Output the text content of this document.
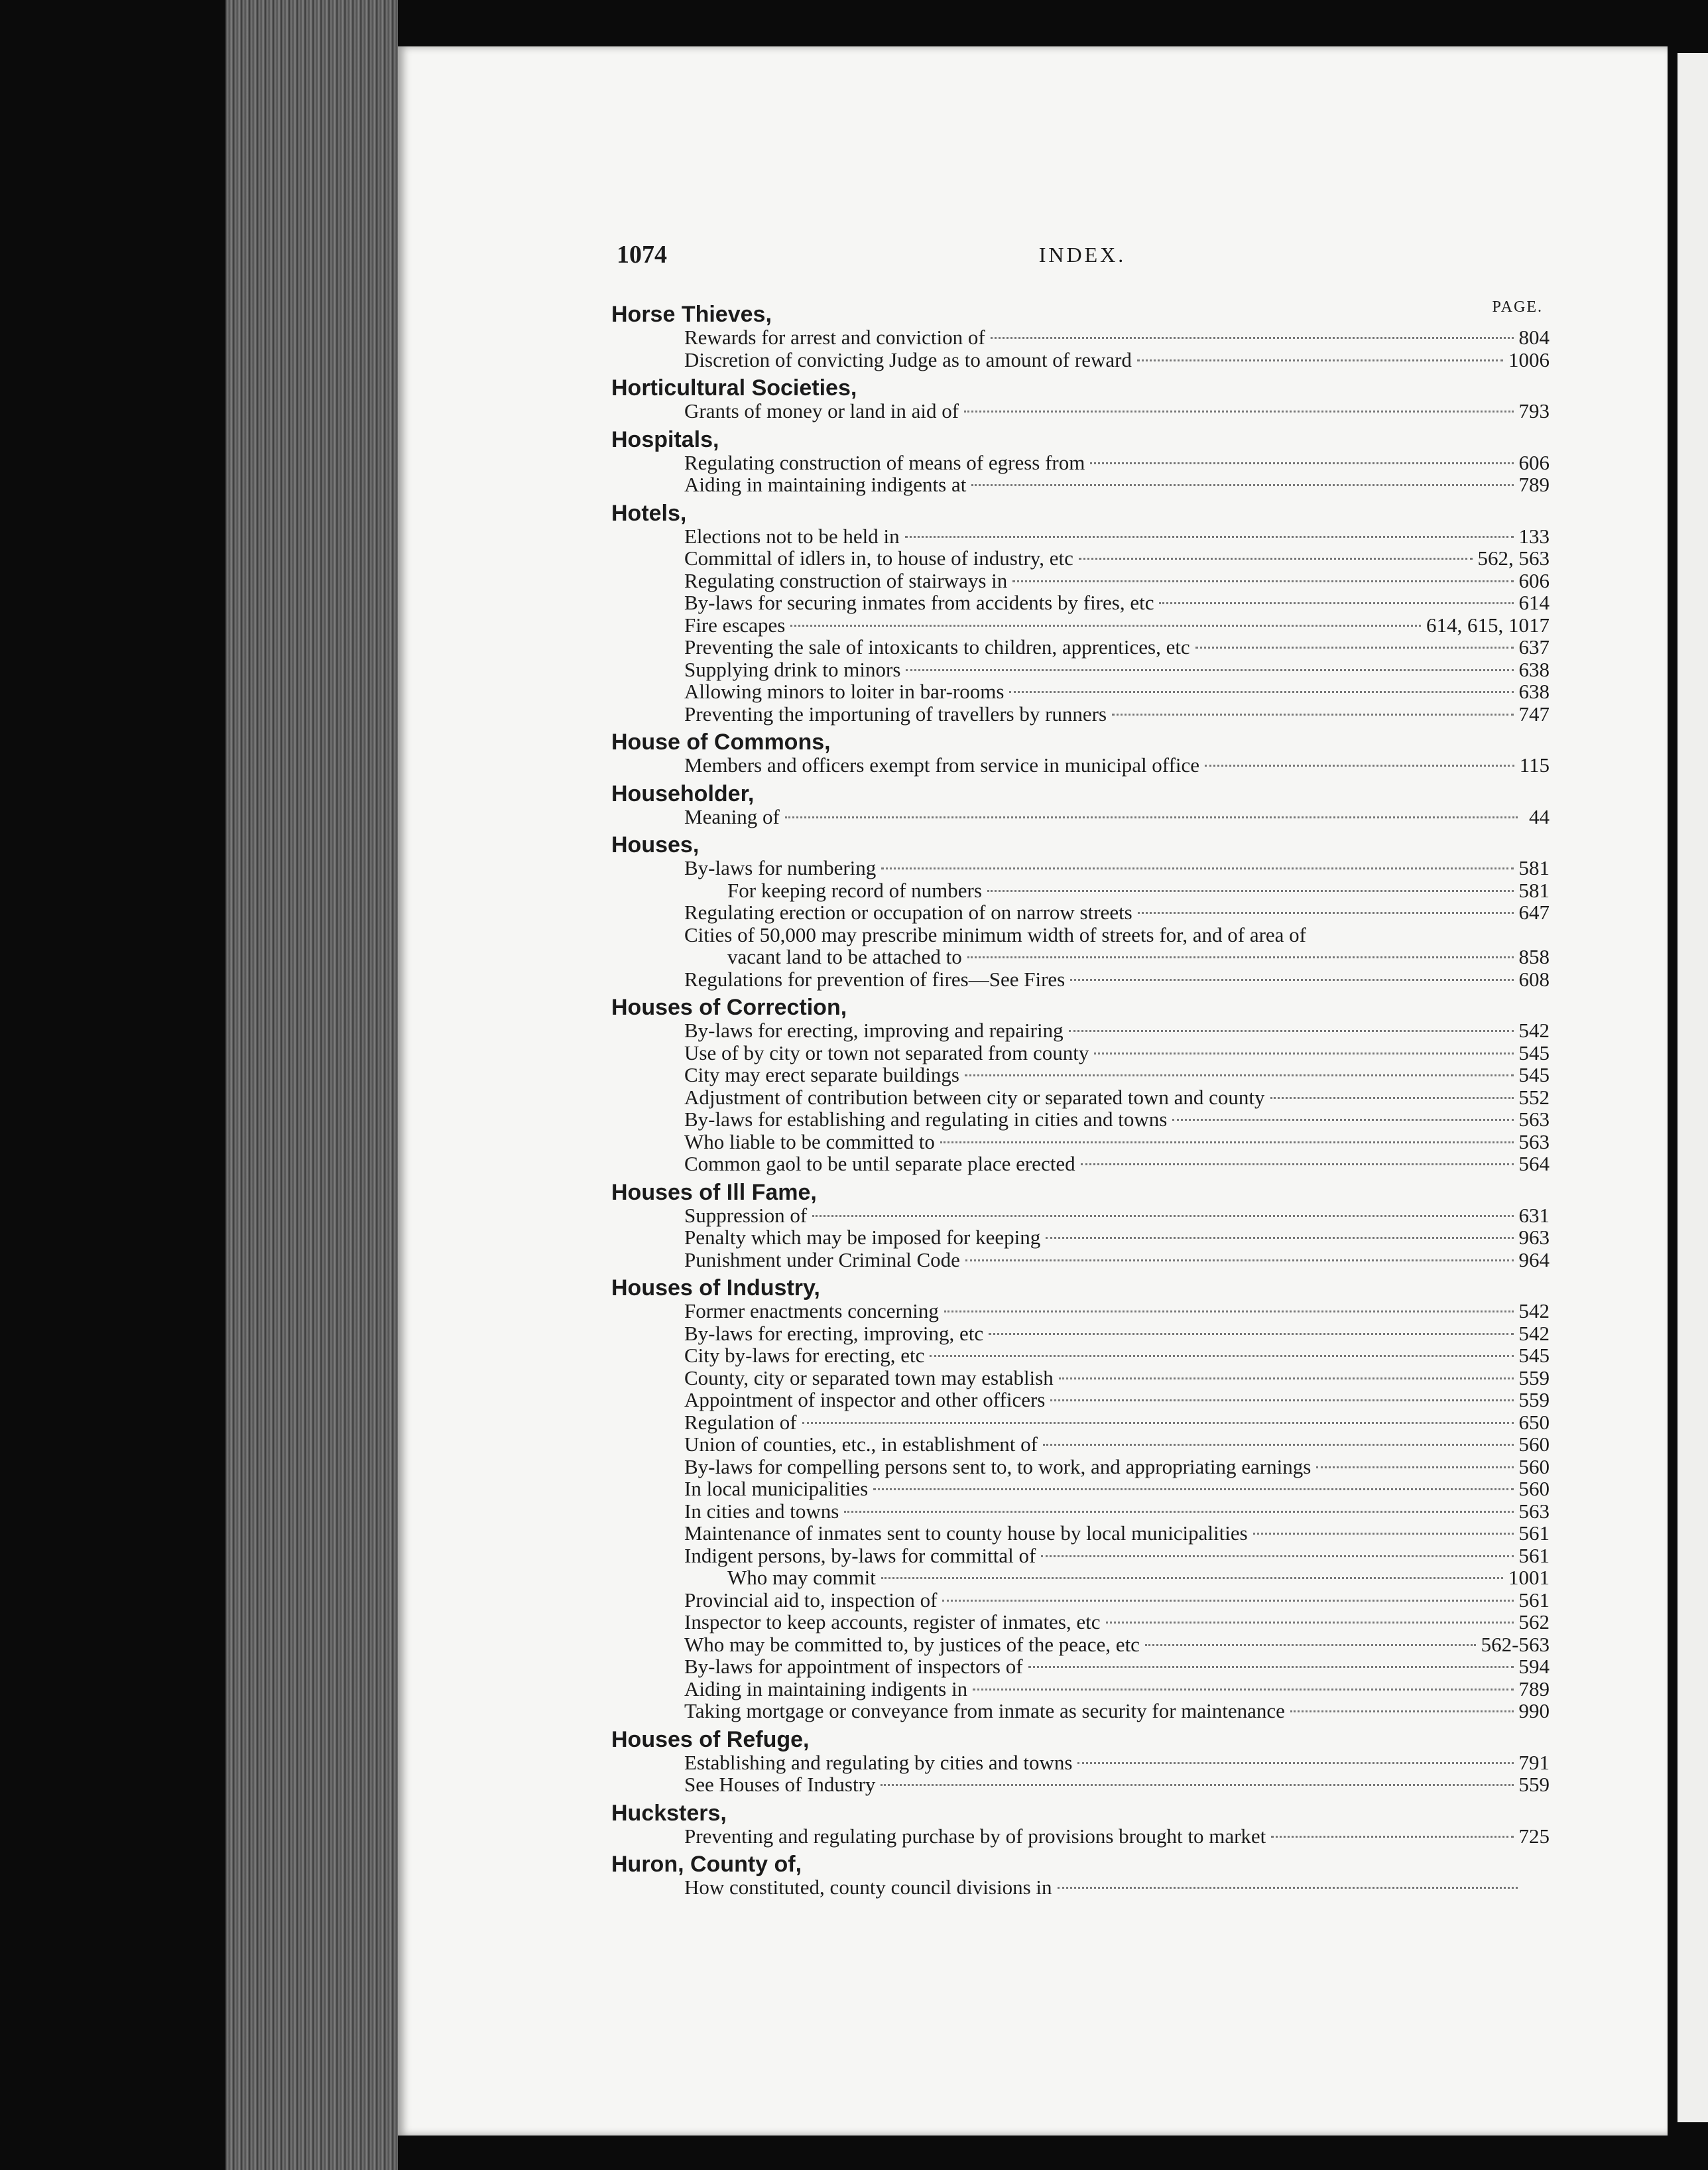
1074	INDEX.
PAGE.
Horse Thieves,
Rewards for arrest and conviction of	804
Discretion of convicting Judge as to amount of reward	1006
Horticultural Societies,
Grants of money or land in aid of	793
Hospitals,
Regulating construction of means of egress from	606
Aiding in maintaining indigents at	789
Hotels,
Elections not to be held in	133
Committal of idlers in, to house of industry, etc	562, 563
Regulating construction of stairways in	606
By-laws for securing inmates from accidents by fires, etc	614
Fire escapes	614, 615, 1017
Preventing the sale of intoxicants to children, apprentices, etc	637
Supplying drink to minors	638
Allowing minors to loiter in bar-rooms	638
Preventing the importuning of travellers by runners	747
House of Commons,
Members and officers exempt from service in municipal office	115
Householder,
Meaning of	44
Houses,
By-laws for numbering	581
For keeping record of numbers	581
Regulating erection or occupation of on narrow streets	647
Cities of 50,000 may prescribe minimum width of streets for, and of area of
vacant land to be attached to	858
Regulations for prevention of fires—See Fires	608
Houses of Correction,
By-laws for erecting, improving and repairing	542
Use of by city or town not separated from county	545
City may erect separate buildings	545
Adjustment of contribution between city or separated town and county	552
By-laws for establishing and regulating in cities and towns	563
Who liable to be committed to	563
Common gaol to be until separate place erected	564
Houses of Ill Fame,
Suppression of	631
Penalty which may be imposed for keeping	963
Punishment under Criminal Code	964
Houses of Industry,
Former enactments concerning	542
By-laws for erecting, improving, etc	542
City by-laws for erecting, etc	545
County, city or separated town may establish	559
Appointment of inspector and other officers	559
Regulation of	650
Union of counties, etc., in establishment of	560
By-laws for compelling persons sent to, to work, and appropriating earnings	560
In local municipalities	560
In cities and towns	563
Maintenance of inmates sent to county house by local municipalities	561
Indigent persons, by-laws for committal of	561
Who may commit	1001
Provincial aid to, inspection of	561
Inspector to keep accounts, register of inmates, etc	562
Who may be committed to, by justices of the peace, etc	562-563
By-laws for appointment of inspectors of	594
Aiding in maintaining indigents in	789
Taking mortgage or conveyance from inmate as security for maintenance	990
Houses of Refuge,
Establishing and regulating by cities and towns	791
See Houses of Industry	559
Hucksters,
Preventing and regulating purchase by of provisions brought to market	725
Huron, County of,
How constituted, county council divisions in
